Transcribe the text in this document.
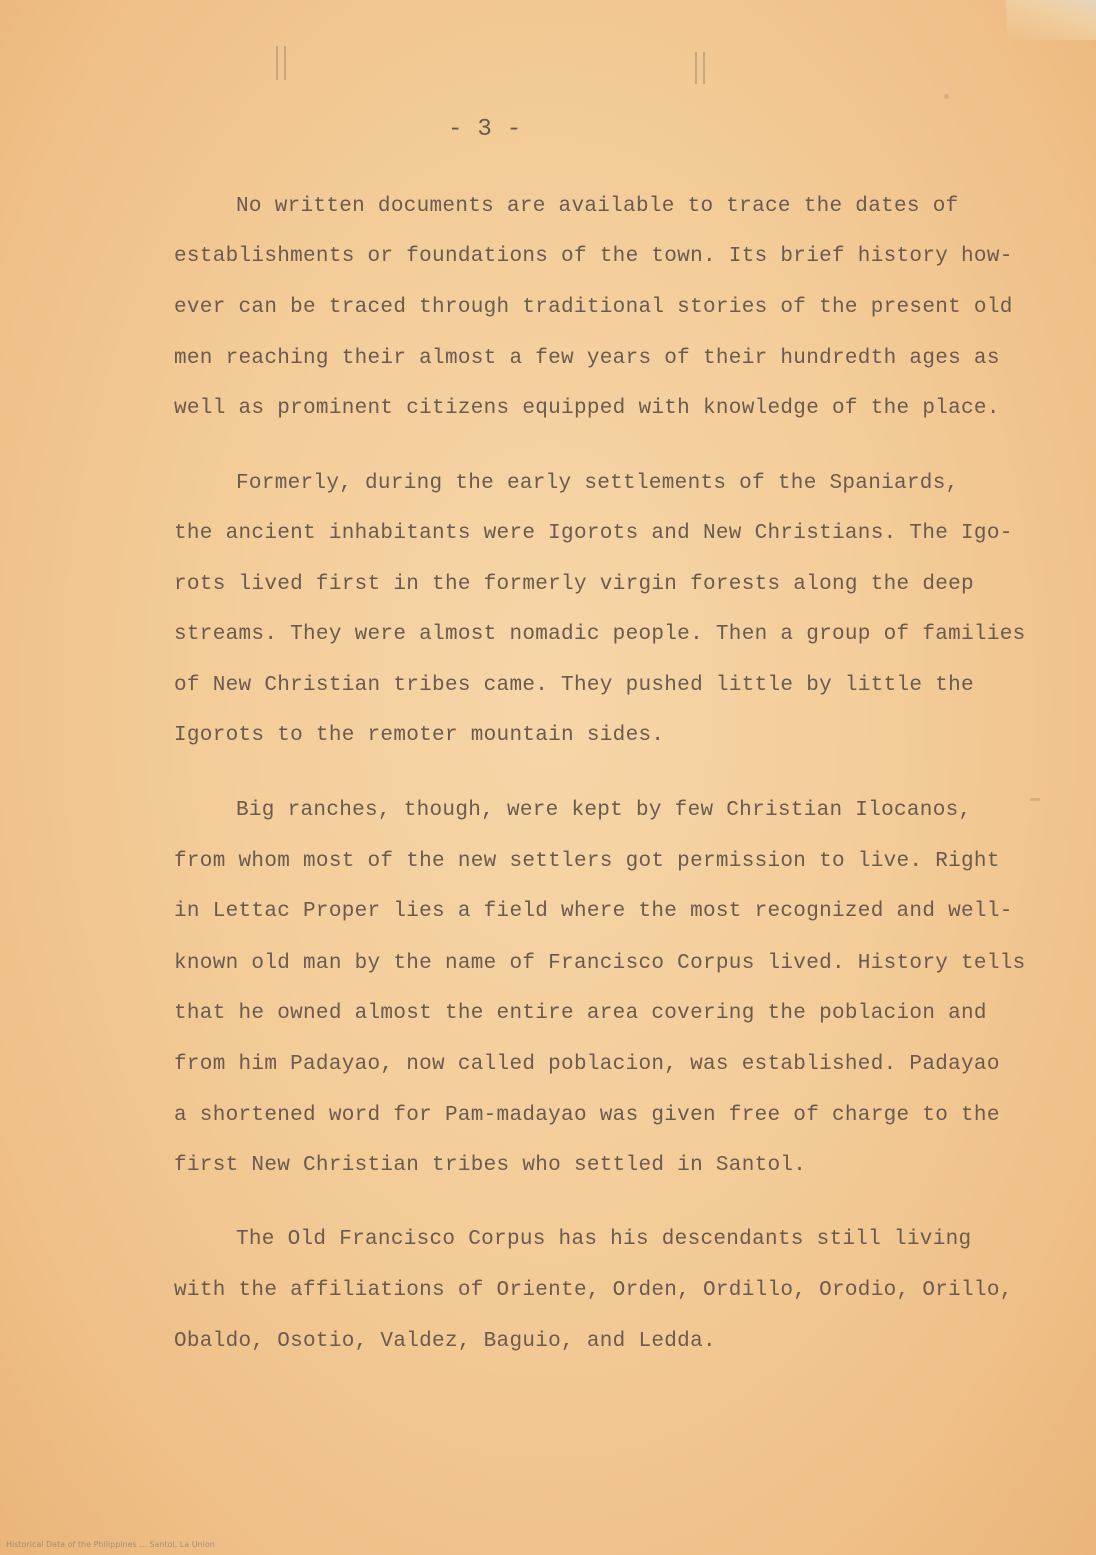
- 3 -
No written documents are available to trace the dates of
establishments or foundations of the town. Its brief history how-
ever can be traced through traditional stories of the present old
men reaching their almost a few years of their hundredth ages as
well as prominent citizens equipped with knowledge of the place.
Formerly, during the early settlements of the Spaniards,
the ancient inhabitants were Igorots and New Christians. The Igo-
rots lived first in the formerly virgin forests along the deep
streams. They were almost nomadic people. Then a group of families
of New Christian tribes came. They pushed little by little the
Igorots to the remoter mountain sides.
Big ranches, though, were kept by few Christian Ilocanos,
from whom most of the new settlers got permission to live. Right
in Lettac Proper lies a field where the most recognized and well-
known old man by the name of Francisco Corpus lived. History tells
that he owned almost the entire area covering the poblacion and
from him Padayao, now called poblacion, was established. Padayao
a shortened word for Pam-madayao was given free of charge to the
first New Christian tribes who settled in Santol.
The Old Francisco Corpus has his descendants still living
with the affiliations of Oriente, Orden, Ordillo, Orodio, Orillo,
Obaldo, Osotio, Valdez, Baguio, and Ledda.
Historical Data of the Philippines ... Santol, La Union
